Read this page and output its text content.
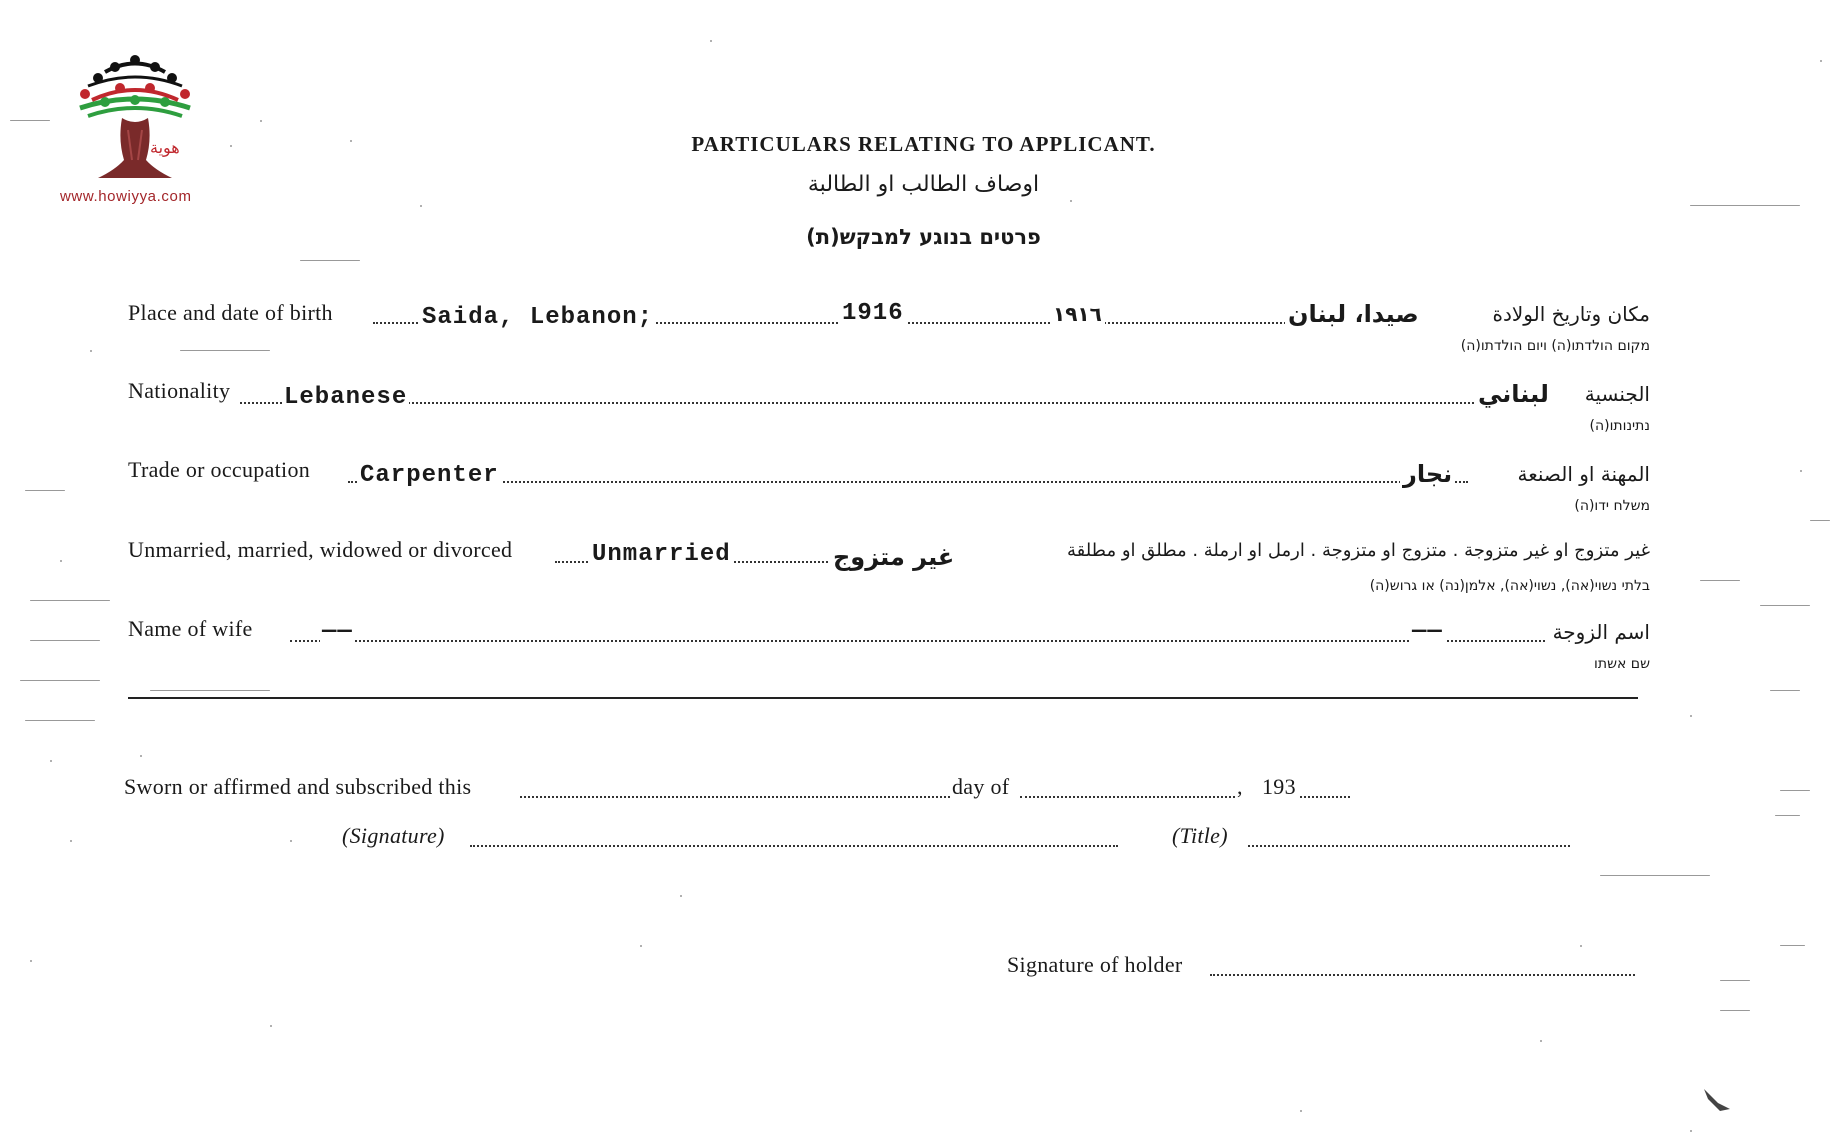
هوية
www.howiyya.com
PARTICULARS RELATING TO APPLICANT.
اوصاف الطالب او الطالبة
פרטים בנוגע למבקש(ת)
Place and date of birth	Saida, Lebanon;	1916	١٩١٦	صيدا، لبنان	مكان وتاريخ الولادة
מקום הולדתו(ה) ויום הולדתו(ה)
Nationality Lebanese	لبناني	الجنسية
נתינותו(ה)
Trade or occupation Carpenter	نجار	المهنة او الصنعة
משלח ידו(ה)
Unmarried, married, widowed or divorced	Unmarried	غير متزوج	غير متزوج او غير متزوجة . متزوج او متزوجة . ارمل او ارملة . مطلق او مطلقة
בלתי נשוי(אה), נשוי(אה), אלמן(נה) או גרוש(ה)
Name of wife	——	——	اسم الزوجة
שם אשתו
Sworn or affirmed and subscribed this	day of	, 193
(Signature)	(Title)
Signature of holder
